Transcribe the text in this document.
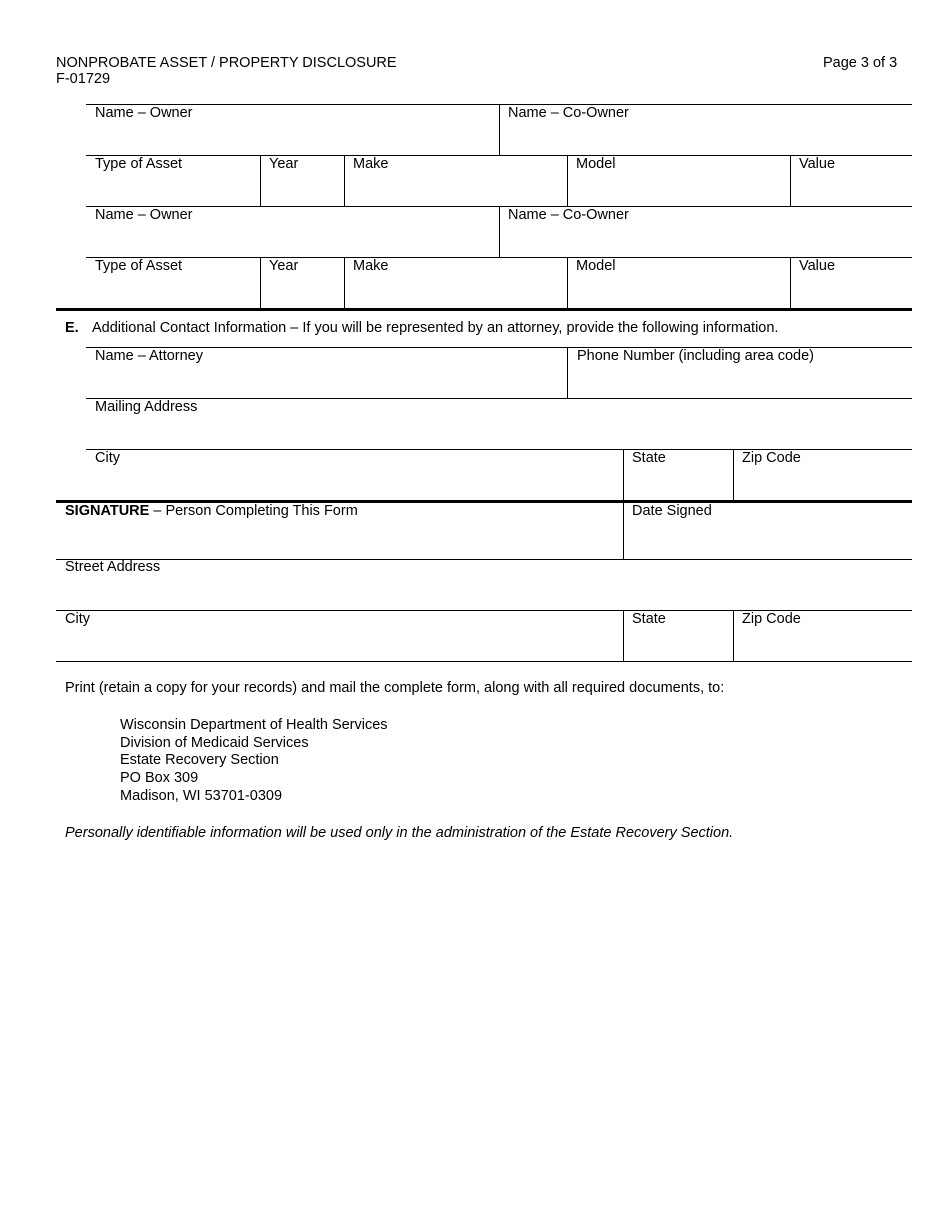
NONPROBATE ASSET / PROPERTY DISCLOSURE
F-01729
Page 3 of 3
Name – Owner	Name – Co-Owner
Type of Asset	Year	Make	Model	Value
Name – Owner	Name – Co-Owner
Type of Asset	Year	Make	Model	Value
E. Additional Contact Information – If you will be represented by an attorney, provide the following information.
Name – Attorney	Phone Number (including area code)
Mailing Address
City	State	Zip Code
SIGNATURE – Person Completing This Form	Date Signed
Street Address
City	State	Zip Code
Print (retain a copy for your records) and mail the complete form, along with all required documents, to:
Wisconsin Department of Health Services
Division of Medicaid Services
Estate Recovery Section
PO Box 309
Madison, WI 53701-0309
Personally identifiable information will be used only in the administration of the Estate Recovery Section.
